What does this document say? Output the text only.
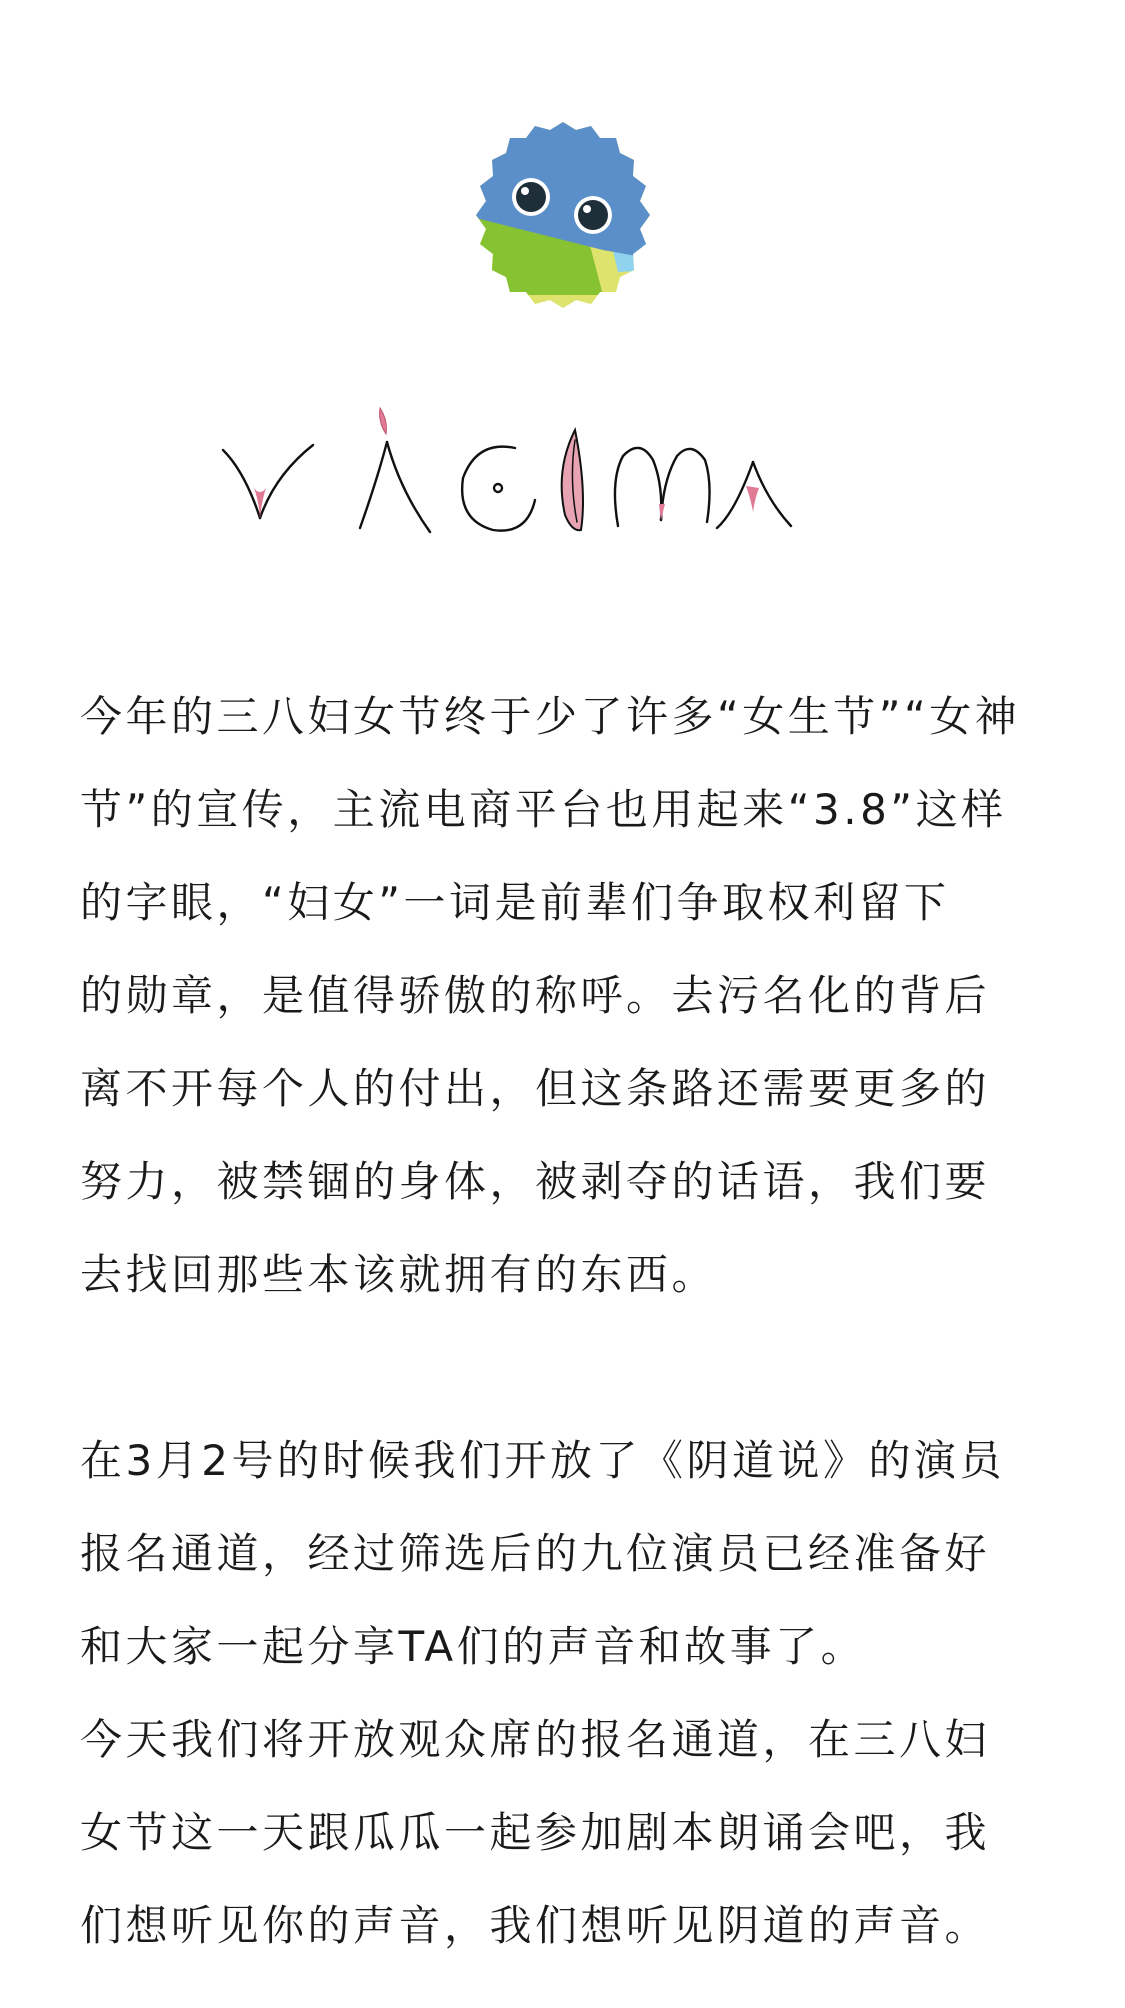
今年的三八妇女节终于少了许多“女生节”“女神
节”的宣传，主流电商平台也用起来“3.8”这样
的字眼，“妇女”一词是前辈们争取权利留下
的勋章，是值得骄傲的称呼。去污名化的背后
离不开每个人的付出，但这条路还需要更多的
努力，被禁锢的身体，被剥夺的话语，我们要
去找回那些本该就拥有的东西。

在3月2号的时候我们开放了《阴道说》的演员
报名通道，经过筛选后的九位演员已经准备好
和大家一起分享TA们的声音和故事了。

今天我们将开放观众席的报名通道，在三八妇
女节这一天跟瓜瓜一起参加剧本朗诵会吧，我
们想听见你的声音，我们想听见阴道的声音。
